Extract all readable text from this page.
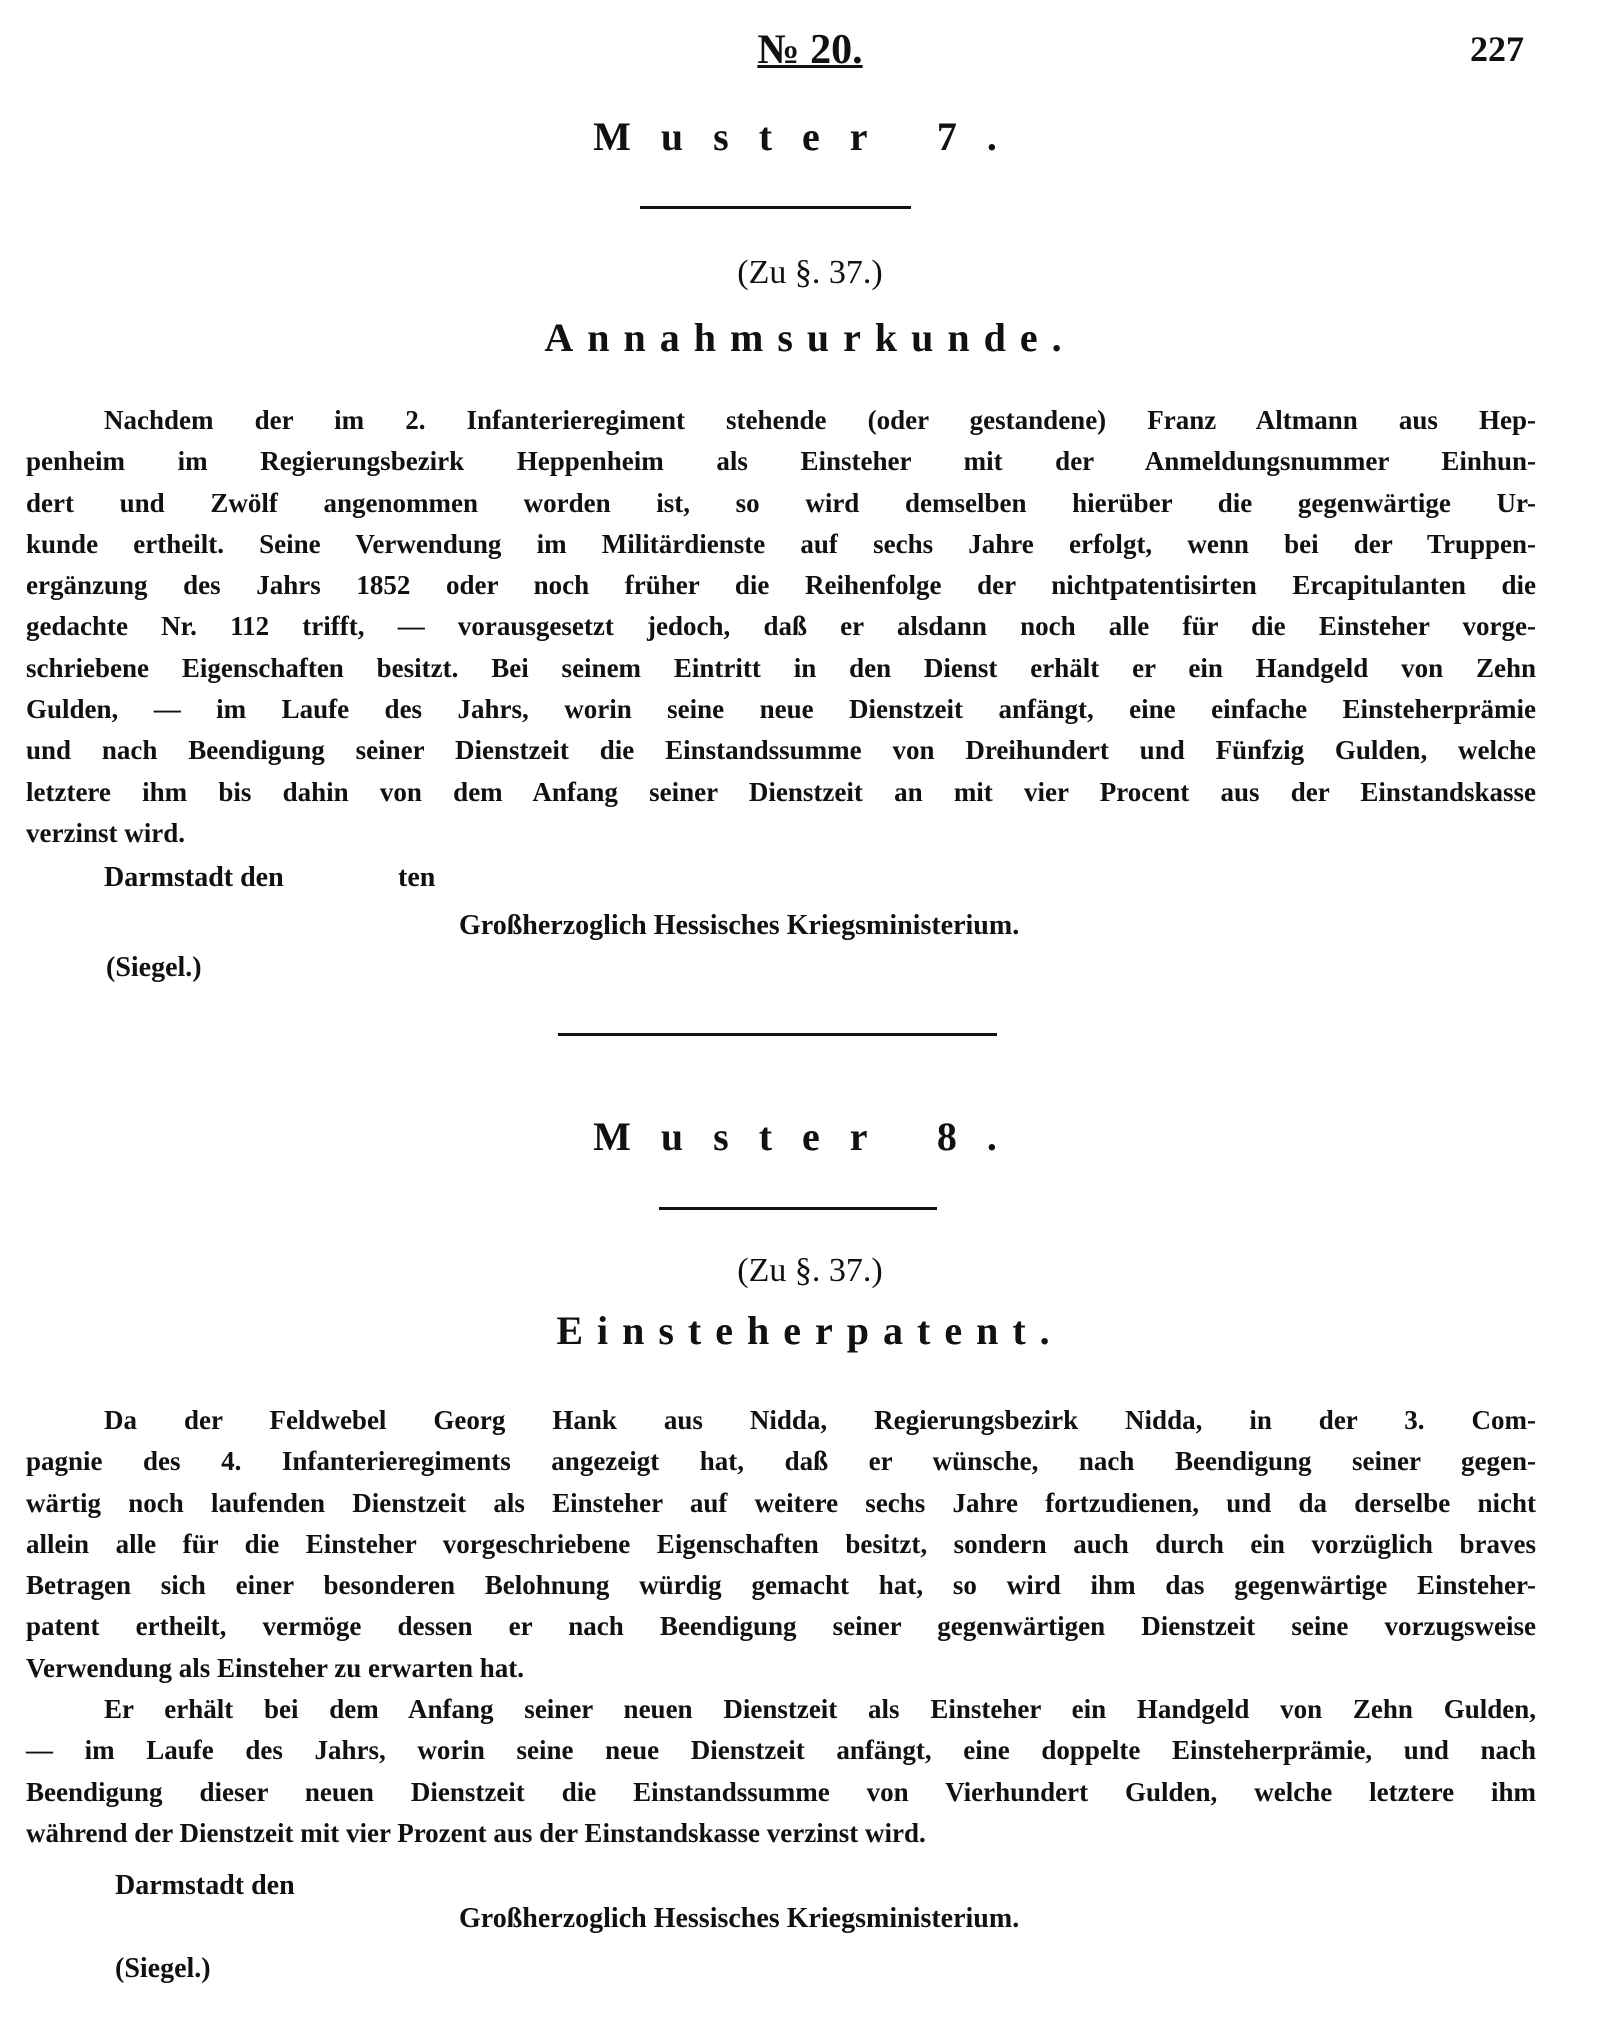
№ 20.	227
Muster 7.
(Zu §. 37.)
Annahmsurkunde.
Nachdem der im 2. Infanterieregiment stehende (oder gestandene) Franz Altmann aus Hep-
penheim im Regierungsbezirk Heppenheim als Einsteher mit der Anmeldungsnummer Einhun-
dert und Zwölf angenommen worden ist, so wird demselben hierüber die gegenwärtige Ur-
kunde ertheilt. Seine Verwendung im Militärdienste auf sechs Jahre erfolgt, wenn bei der Truppen-
ergänzung des Jahrs 1852 oder noch früher die Reihenfolge der nichtpatentisirten Ercapitulanten die
gedachte Nr. 112 trifft, — vorausgesetzt jedoch, daß er alsdann noch alle für die Einsteher vorge-
schriebene Eigenschaften besitzt. Bei seinem Eintritt in den Dienst erhält er ein Handgeld von Zehn
Gulden, — im Laufe des Jahrs, worin seine neue Dienstzeit anfängt, eine einfache Einsteherprämie
und nach Beendigung seiner Dienstzeit die Einstandssumme von Dreihundert und Fünfzig Gulden, welche
letztere ihm bis dahin von dem Anfang seiner Dienstzeit an mit vier Procent aus der Einstandskasse
verzinst wird.
Darmstadt den	ten
Großherzoglich Hessisches Kriegsministerium.
(Siegel.)
Muster 8.
(Zu §. 37.)
Einsteherpatent.
Da der Feldwebel Georg Hank aus Nidda, Regierungsbezirk Nidda, in der 3. Com-
pagnie des 4. Infanterieregiments angezeigt hat, daß er wünsche, nach Beendigung seiner gegen-
wärtig noch laufenden Dienstzeit als Einsteher auf weitere sechs Jahre fortzudienen, und da derselbe nicht
allein alle für die Einsteher vorgeschriebene Eigenschaften besitzt, sondern auch durch ein vorzüglich braves
Betragen sich einer besonderen Belohnung würdig gemacht hat, so wird ihm das gegenwärtige Einsteher-
patent ertheilt, vermöge dessen er nach Beendigung seiner gegenwärtigen Dienstzeit seine vorzugsweise
Verwendung als Einsteher zu erwarten hat.
Er erhält bei dem Anfang seiner neuen Dienstzeit als Einsteher ein Handgeld von Zehn Gulden,
— im Laufe des Jahrs, worin seine neue Dienstzeit anfängt, eine doppelte Einsteherprämie, und nach
Beendigung dieser neuen Dienstzeit die Einstandssumme von Vierhundert Gulden, welche letztere ihm
während der Dienstzeit mit vier Prozent aus der Einstandskasse verzinst wird.
Darmstadt den
Großherzoglich Hessisches Kriegsministerium.
(Siegel.)
